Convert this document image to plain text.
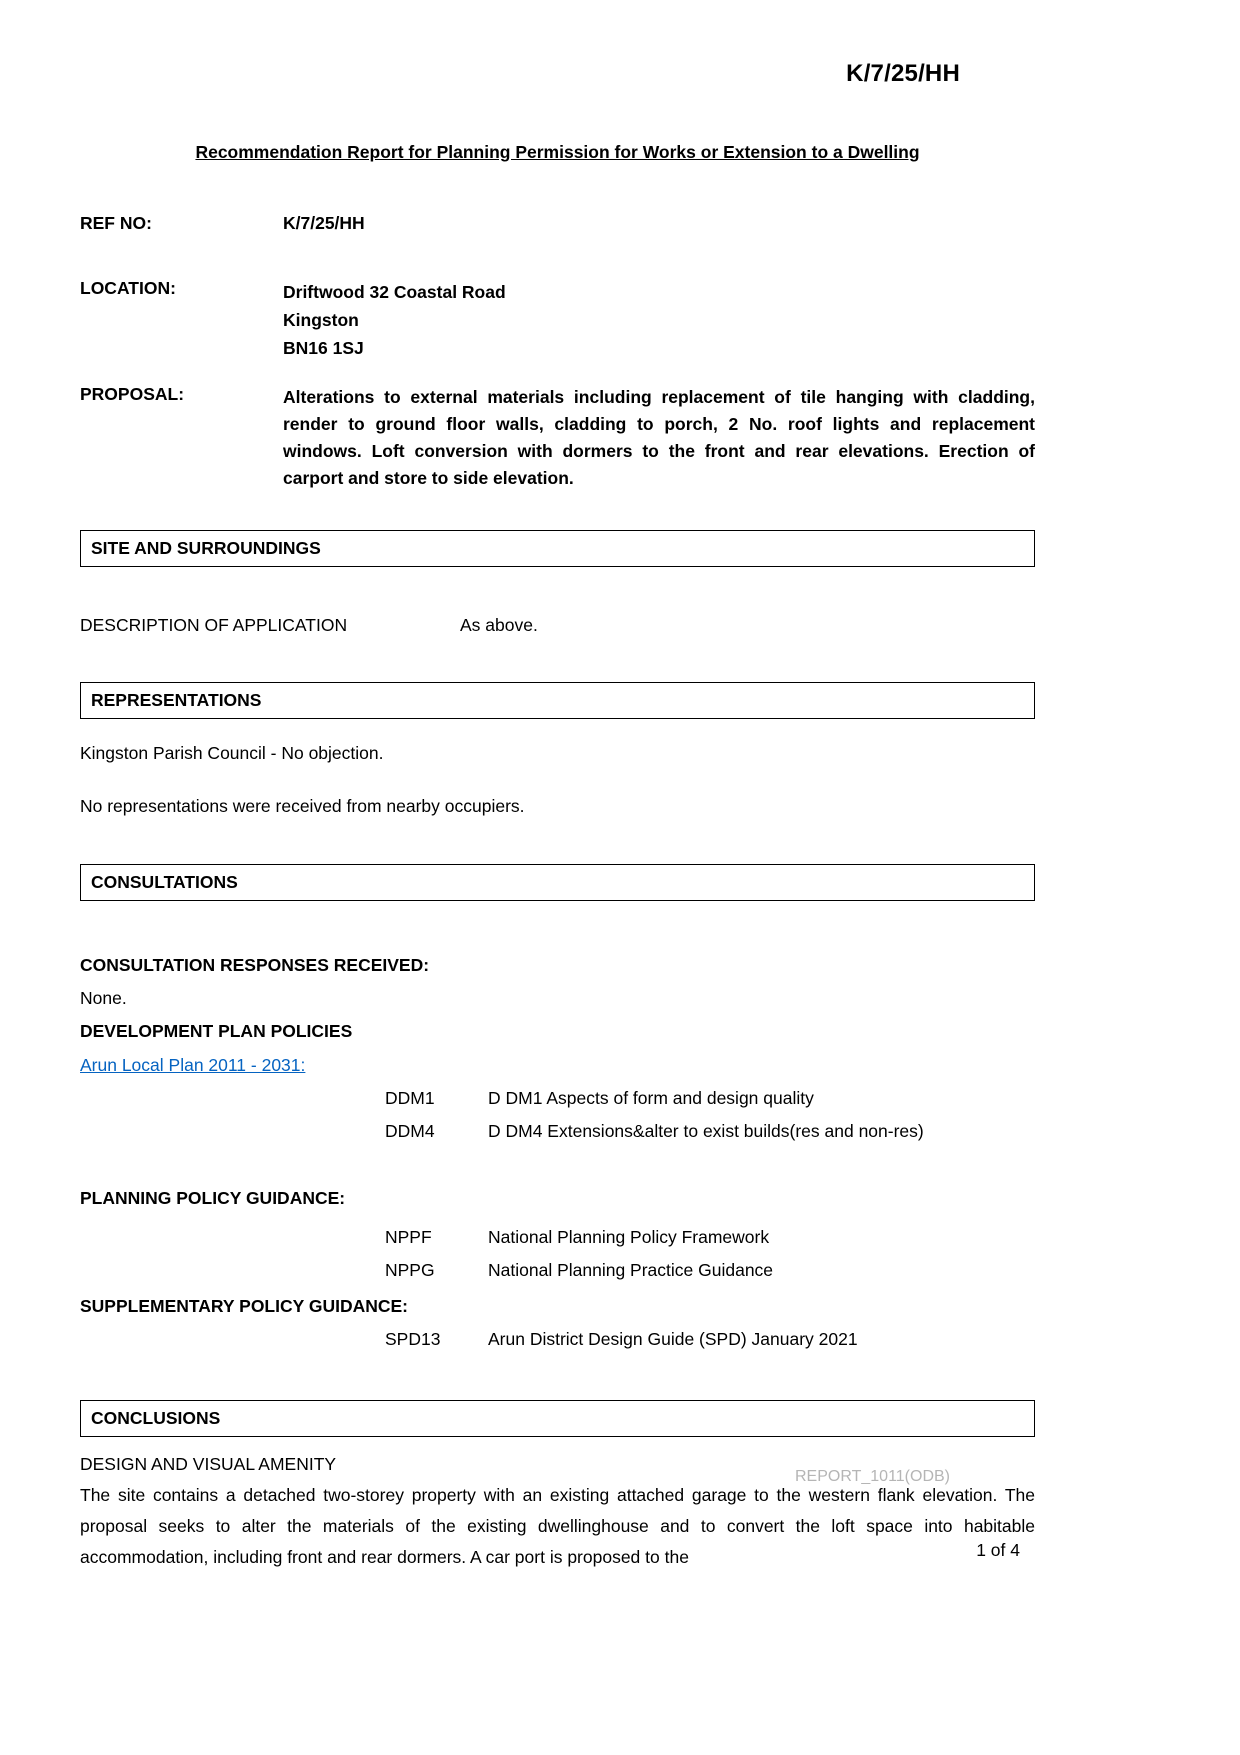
K/7/25/HH
Recommendation Report for Planning Permission for Works or Extension to a Dwelling
REF NO:	K/7/25/HH
LOCATION:	Driftwood 32 Coastal Road
Kingston
BN16 1SJ
PROPOSAL:	Alterations to external materials including replacement of tile hanging with cladding, render to ground floor walls, cladding to porch, 2 No. roof lights and replacement windows. Loft conversion with dormers to the front and rear elevations. Erection of carport and store to side elevation.
SITE AND SURROUNDINGS
DESCRIPTION OF APPLICATION	As above.
REPRESENTATIONS

Kingston Parish Council - No objection.

No representations were received from nearby occupiers.

CONSULTATIONS
CONSULTATION RESPONSES RECEIVED:
None.
DEVELOPMENT PLAN POLICIES
Arun Local Plan 2011 - 2031:
DDM1	D DM1 Aspects of form and design quality
DDM4	D DM4 Extensions&alter to exist builds(res and non-res)
PLANNING POLICY GUIDANCE:
NPPF	National Planning Policy Framework
NPPG	National Planning Practice Guidance
SUPPLEMENTARY POLICY GUIDANCE:
SPD13	Arun District Design Guide (SPD) January 2021
CONCLUSIONS
DESIGN AND VISUAL AMENITY
The site contains a detached two-storey property with an existing attached garage to the western flank elevation. The proposal seeks to alter the materials of the existing dwellinghouse and to convert the loft space into habitable accommodation, including front and rear dormers. A car port is proposed to the
REPORT_1011(ODB)
1 of 4
